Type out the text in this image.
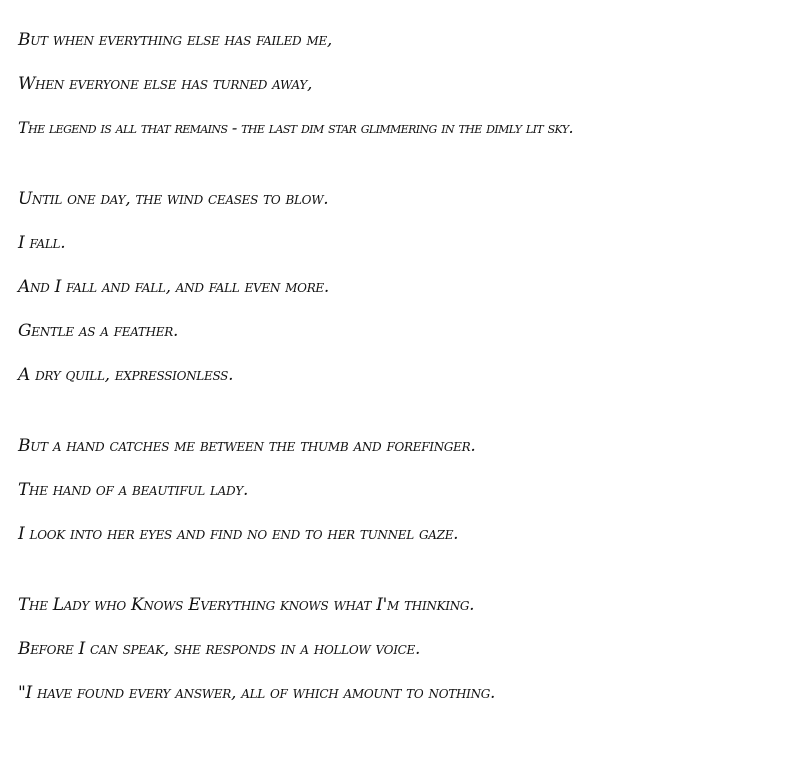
But when everything else has failed me,
When everyone else has turned away,
The legend is all that remains - the last dim star glimmering in the dimly lit sky.
Until one day, the wind ceases to blow.
I fall.
And I fall and fall, and fall even more.
Gentle as a feather.
A dry quill, expressionless.
But a hand catches me between the thumb and forefinger.
The hand of a beautiful lady.
I look into her eyes and find no end to her tunnel gaze.
The Lady who Knows Everything knows what I'm thinking.
Before I can speak, she responds in a hollow voice.
"I have found every answer, all of which amount to nothing.
